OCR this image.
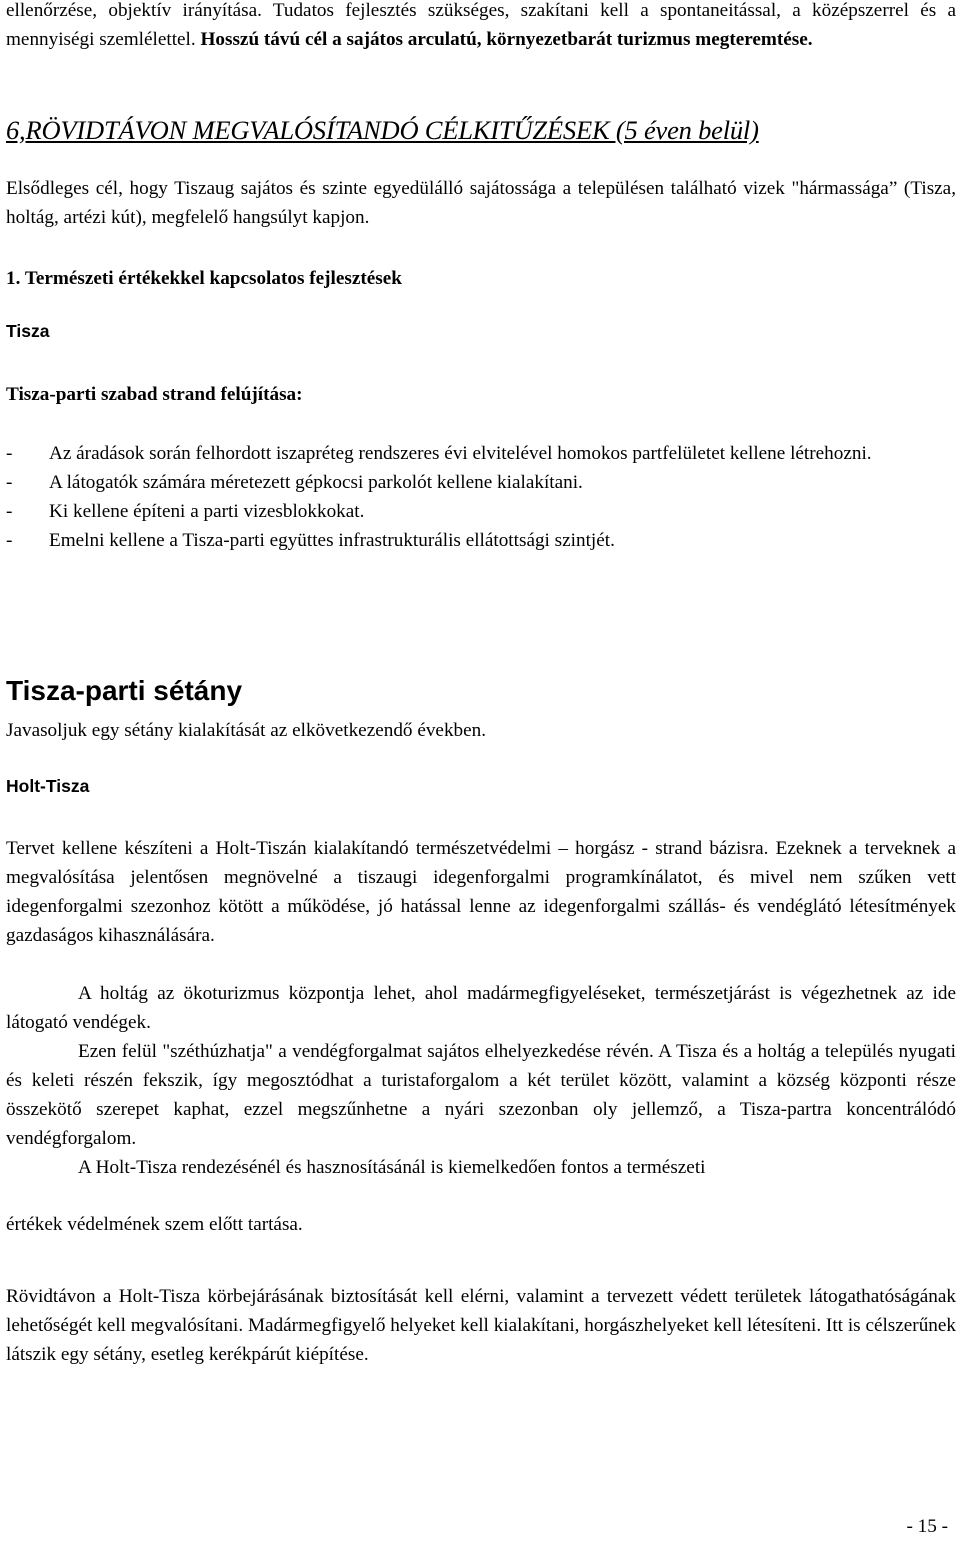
ellenőrzése, objektív irányítása. Tudatos fejlesztés szükséges, szakítani kell a spontaneitással, a középszerrel és a mennyiségi szemlélettel. Hosszú távú cél a sajátos arculatú, környezetbarát turizmus megteremtése.

6,RÖVIDTÁVON MEGVALÓSÍTANDÓ CÉLKITŰZÉSEK (5 éven belül)

Elsődleges cél, hogy Tiszaug sajátos és szinte egyedülálló sajátossága a településen található vizek "hármassága” (Tisza, holtág, artézi kút), megfelelő hangsúlyt kapjon.

1. Természeti értékekkel kapcsolatos fejlesztések
Tisza
Tisza-parti szabad strand felújítása:
- Az áradások során felhordott iszapréteg rendszeres évi elvitelével homokos partfelületet kellene létrehozni.
- A látogatók számára méretezett gépkocsi parkolót kellene kialakítani.
- Ki kellene építeni a parti vizesblokkokat.
- Emelni kellene a Tisza-parti együttes infrastrukturális ellátottsági szintjét.
Tisza-parti sétány

Javasoljuk egy sétány kialakítását az elkövetkezendő években.

Holt-Tisza

Tervet kellene készíteni a Holt-Tiszán kialakítandó természetvédelmi – horgász - strand bázisra. Ezeknek a terveknek a megvalósítása jelentősen megnövelné a tiszaugi idegenforgalmi programkínálatot, és mivel nem szűken vett idegenforgalmi szezonhoz kötött a működése, jó hatással lenne az idegenforgalmi szállás- és vendéglátó létesítmények gazdaságos kihasználására.

A holtág az ökoturizmus központja lehet, ahol madármegfigyeléseket, természetjárást is végezhetnek az ide látogató vendégek.

Ezen felül "széthúzhatja" a vendégforgalmat sajátos elhelyezkedése révén. A Tisza és a holtág a település nyugati és keleti részén fekszik, így megosztódhat a turistaforgalom a két terület között, valamint a község központi része összekötő szerepet kaphat, ezzel megszűnhetne a nyári szezonban oly jellemző, a Tisza-partra koncentrálódó vendégforgalom.

A Holt-Tisza rendezésénél és hasznosításánál is kiemelkedően fontos a természeti

értékek védelmének szem előtt tartása.

Rövidtávon a Holt-Tisza körbejárásának biztosítását kell elérni, valamint a tervezett védett területek látogathatóságának lehetőségét kell megvalósítani. Madármegfigyelő helyeket kell kialakítani, horgászhelyeket kell létesíteni. Itt is célszerűnek látszik egy sétány, esetleg kerékpárút kiépítése.

- 15 -
